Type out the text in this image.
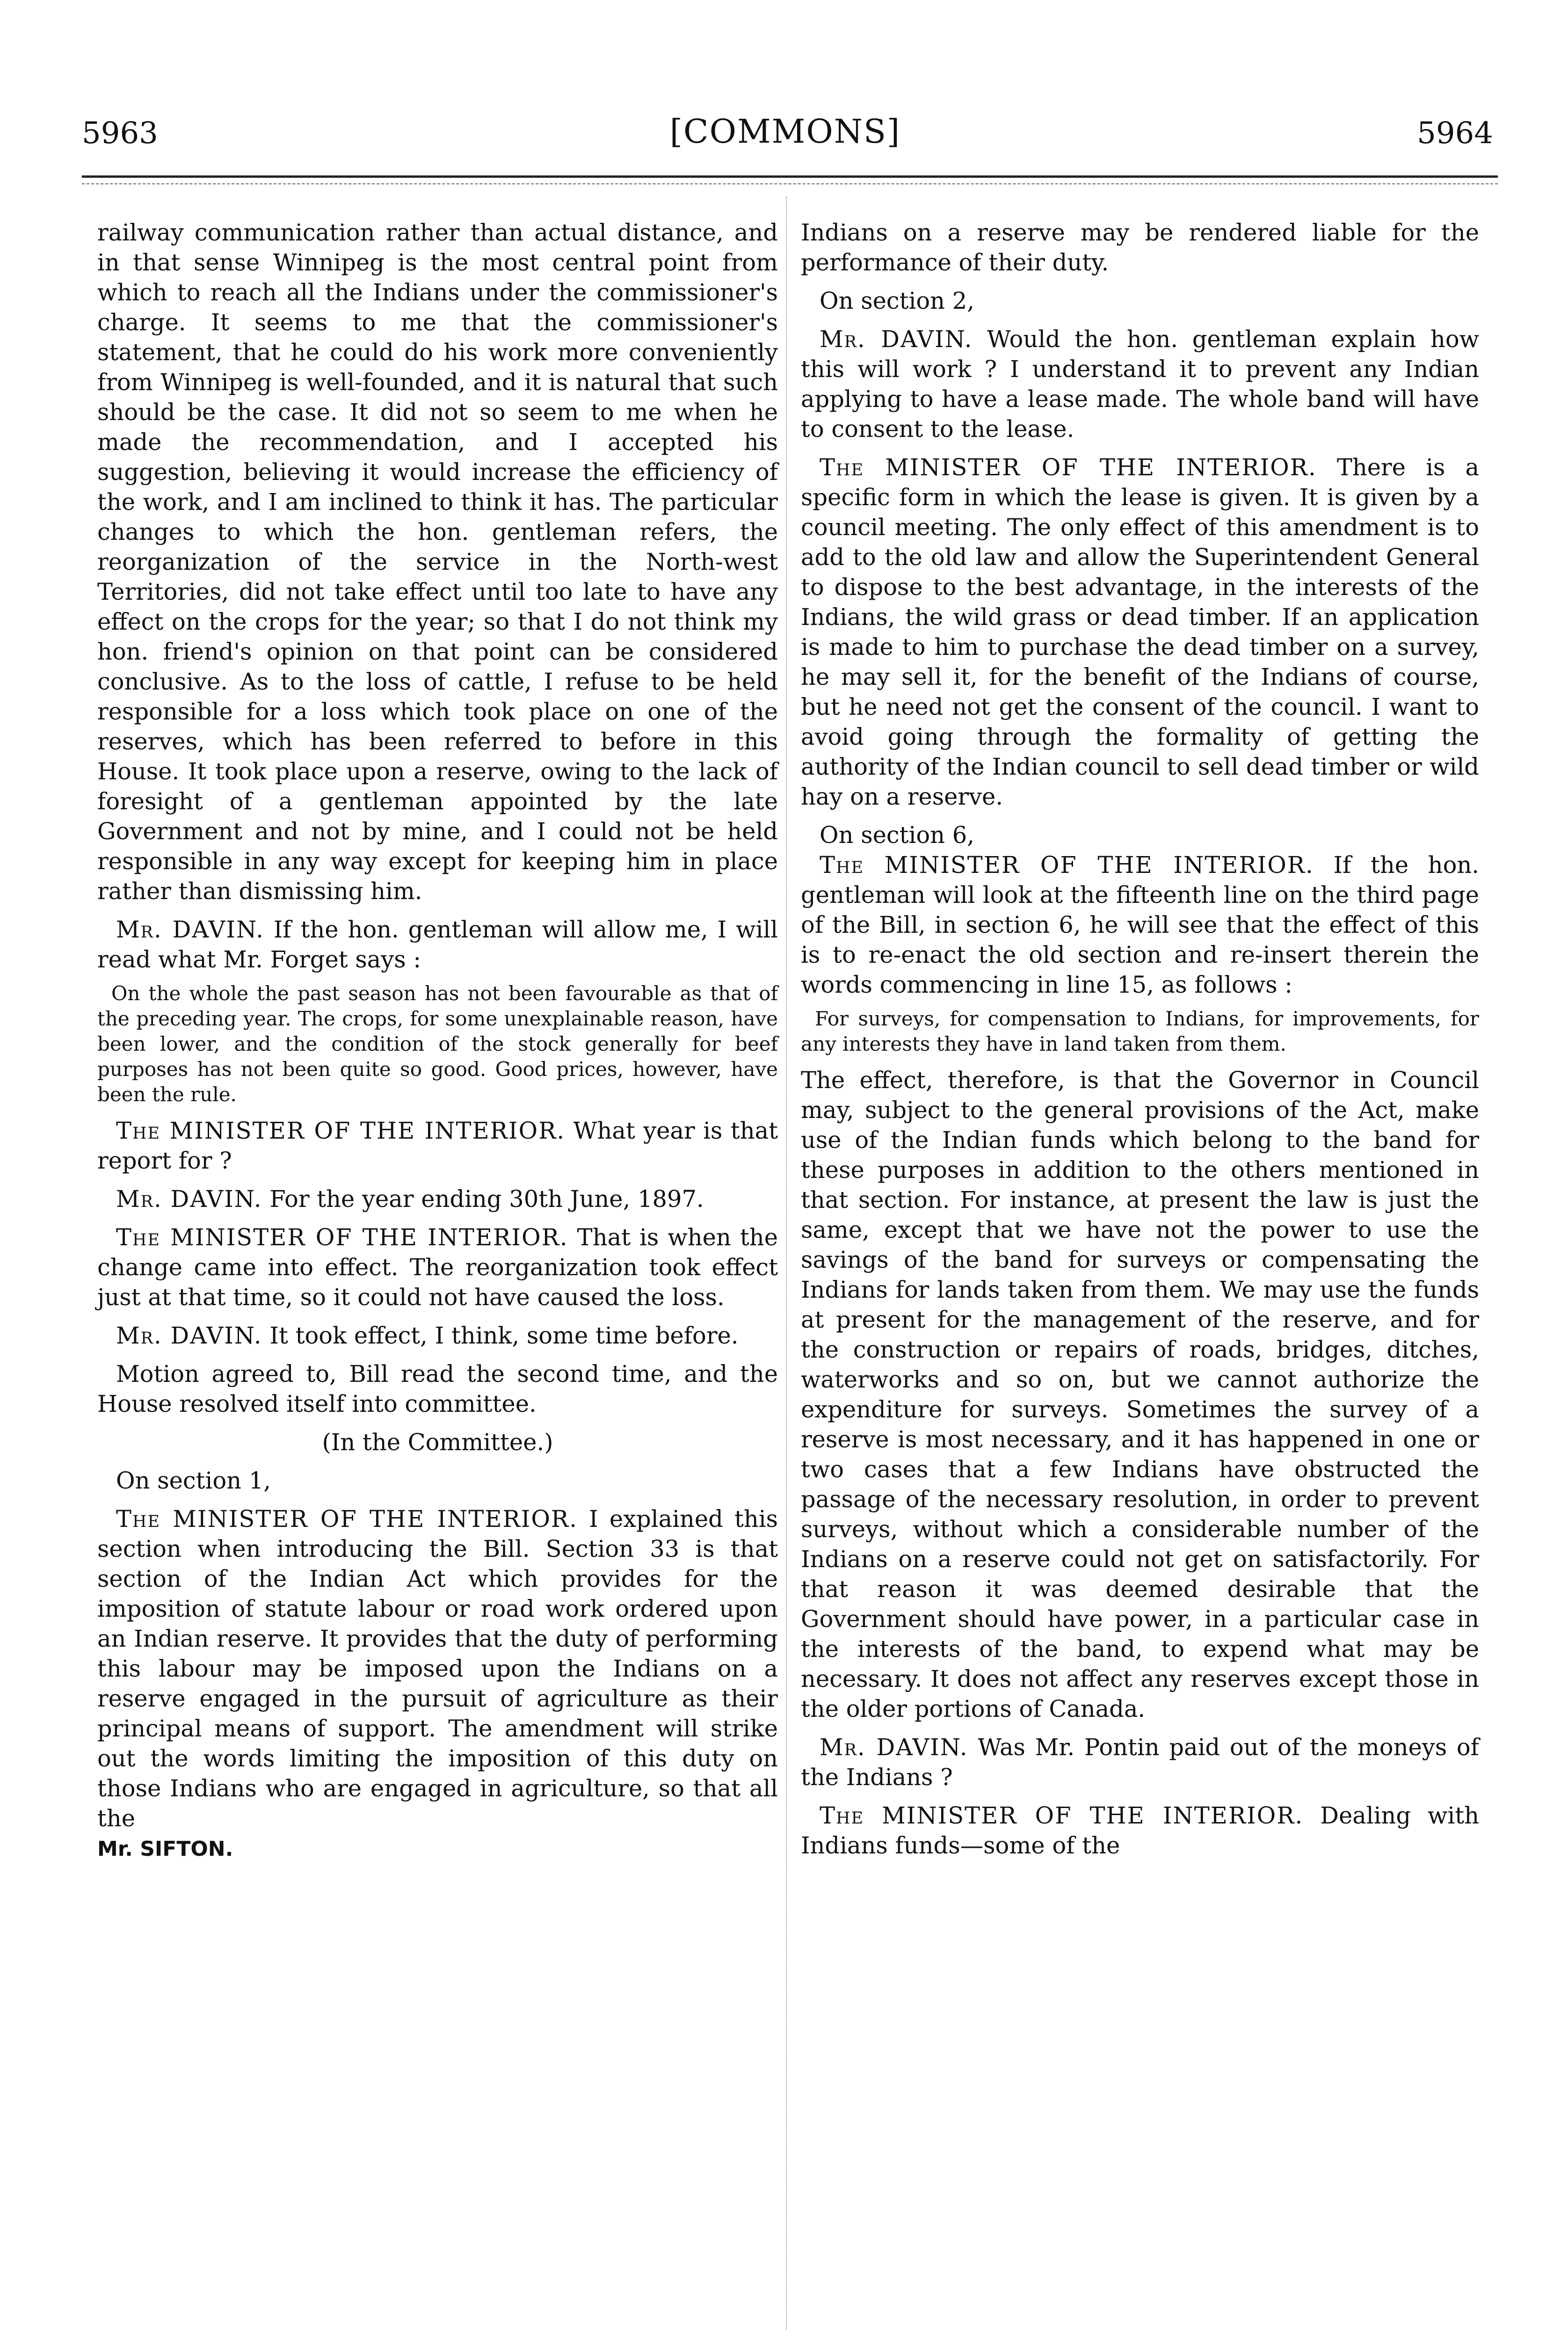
5963	[COMMONS]	5964

railway communication rather than actual distance, and in that sense Winnipeg is the most central point from which to reach all the Indians under the commissioner's charge. It seems to me that the commissioner's statement, that he could do his work more conveniently from Winnipeg is well-founded, and it is natural that such should be the case. It did not so seem to me when he made the recommendation, and I accepted his suggestion, believing it would increase the efficiency of the work, and I am inclined to think it has. The particular changes to which the hon. gentleman refers, the reorganization of the service in the North-west Territories, did not take effect until too late to have any effect on the crops for the year; so that I do not think my hon. friend's opinion on that point can be considered conclusive. As to the loss of cattle, I refuse to be held responsible for a loss which took place on one of the reserves, which has been referred to before in this House. It took place upon a reserve, owing to the lack of foresight of a gentleman appointed by the late Government and not by mine, and I could not be held responsible in any way except for keeping him in place rather than dismissing him.

Mr. DAVIN. If the hon. gentleman will allow me, I will read what Mr. Forget says :

On the whole the past season has not been favourable as that of the preceding year. The crops, for some unexplainable reason, have been lower, and the condition of the stock generally for beef purposes has not been quite so good. Good prices, however, have been the rule.

The MINISTER OF THE INTERIOR. What year is that report for ?

Mr. DAVIN. For the year ending 30th June, 1897.

The MINISTER OF THE INTERIOR. That is when the change came into effect. The reorganization took effect just at that time, so it could not have caused the loss.

Mr. DAVIN. It took effect, I think, some time before.

Motion agreed to, Bill read the second time, and the House resolved itself into committee.

(In the Committee.)

On section 1,

The MINISTER OF THE INTERIOR. I explained this section when introducing the Bill. Section 33 is that section of the Indian Act which provides for the imposition of statute labour or road work ordered upon an Indian reserve. It provides that the duty of performing this labour may be imposed upon the Indians on a reserve engaged in the pursuit of agriculture as their principal means of support. The amendment will strike out the words limiting the imposition of this duty on those Indians who are engaged in agriculture, so that all the

Mr. SIFTON.

Indians on a reserve may be rendered liable for the performance of their duty.

On section 2,

Mr. DAVIN. Would the hon. gentleman explain how this will work ? I understand it to prevent any Indian applying to have a lease made. The whole band will have to consent to the lease.

The MINISTER OF THE INTERIOR. There is a specific form in which the lease is given. It is given by a council meeting. The only effect of this amendment is to add to the old law and allow the Superintendent General to dispose to the best advantage, in the interests of the Indians, the wild grass or dead timber. If an application is made to him to purchase the dead timber on a survey, he may sell it, for the benefit of the Indians of course, but he need not get the consent of the council. I want to avoid going through the formality of getting the authority of the Indian council to sell dead timber or wild hay on a reserve.

On section 6,

The MINISTER OF THE INTERIOR. If the hon. gentleman will look at the fifteenth line on the third page of the Bill, in section 6, he will see that the effect of this is to re-enact the old section and re-insert therein the words commencing in line 15, as follows :

For surveys, for compensation to Indians, for improvements, for any interests they have in land taken from them.

The effect, therefore, is that the Governor in Council may, subject to the general provisions of the Act, make use of the Indian funds which belong to the band for these purposes in addition to the others mentioned in that section. For instance, at present the law is just the same, except that we have not the power to use the savings of the band for surveys or compensating the Indians for lands taken from them. We may use the funds at present for the management of the reserve, and for the construction or repairs of roads, bridges, ditches, waterworks and so on, but we cannot authorize the expenditure for surveys. Sometimes the survey of a reserve is most necessary, and it has happened in one or two cases that a few Indians have obstructed the passage of the necessary resolution, in order to prevent surveys, without which a considerable number of the Indians on a reserve could not get on satisfactorily. For that reason it was deemed desirable that the Government should have power, in a particular case in the interests of the band, to expend what may be necessary. It does not affect any reserves except those in the older portions of Canada.

Mr. DAVIN. Was Mr. Pontin paid out of the moneys of the Indians ?

The MINISTER OF THE INTERIOR. Dealing with Indians funds—some of the
